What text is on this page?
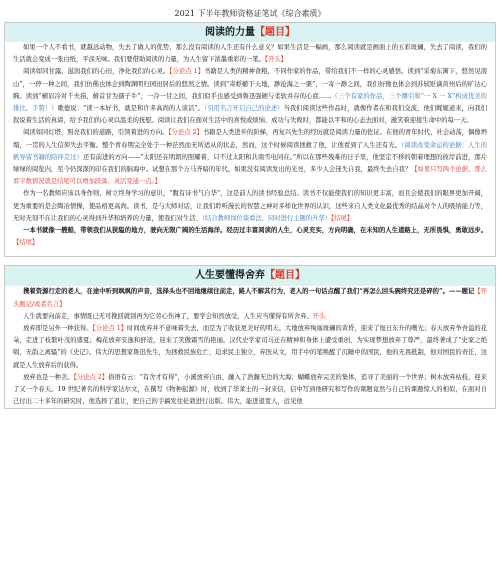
2021 下半年教师资格证笔试《综合素质》
阅读的力量【题目】

如果一个人不看书，就越远动物，失去了做人的优势，那么没有阅读的人生还有什么意义？如果生活是一幅画，那么阅读就是画面上的五彩斑斓，失去了阅读，我们的生活就会变成一张白纸，平淡无味。我们要借助阅读的力量，为人生留下浓墨重彩的一笔。【开头】

阅读如同甘露，滋润我们的心田，净化我们的心灵。【分论点 1】书籍是人类的精神食粮，不同作家的作品，带给我们不一样的心灵感悟。读到“采菊东篱下，悠然见南山”，一停一种之间，我们仿佛也体会到陶渊明归园田居后的悠然之情。读到“寄蜉蝣于天地，渺沧海之一粟”，一寄一渺之间，我们好像也体会到苏轼贬谪黄州后的旷达心胸。读到“横眉冷对千夫指，俯首甘为孺子牛”，一冷一甘之间，我们似乎也感受到鲁迅强硬与柔软并存的心底……（三个有家的作品，三个播引和“一 X 一 X”构成优美的排比，手赞！）歌德说：“读一本好书，就是和许多高尚的人谈话”。（引用名言开启自己的论述）当我们阅读这些作品时，就像作者在和我们交流，他们娓娓道来，向我们叙说着生活的真谛，给予我们的心灵以温柔的抚慰。阅读让我们在面对生活中的喜悦或烦恼、成功与失败时，都能以平和的心态去面对，澈笑着迎接生命中的每一天。

阅读如同灯塔，照亮我们的道路，引领着进的方向。【分论点 2】书籍是人类进步的阶梯，再复兴先生的经历就是阅读力量的佐证。在他的青年时代，社会动荡，偶像坍塌，一贯的人生信仰失去平衡。整个青春期完全处于一种茫然而无所适从的状态，然而，这个时候阅读拯救了他，让他看到了人生还有光。（阅读改变命运的论据：人生的帆导留书籍的陪伴走过）还有前进的方向——“太阳还在明朗的照耀着，只不过太阳和共南雪电同在。”所以在那些残难的日子里，他坚定不移的朝着理想的彼岸前进，那片绿绿的阅览内，至今仍深深的印在我们的脑海中。试想在那个万马齐暗的年代，如果没有阅读发出的光亮，多少人会迷失自我，最终失去自我？【如果只写两个论据，那么看字数情况就是结尾可以增加段落，灵活变通一点。】

作为一名教师应该以身作则，树立终身学习的意识，“腹有诗书气自华”，这是前人的读书经验总结。读书不仅能使我们的知识更丰富，而且会使我们的眼界更加开阔，更为重要的是会陶冶情操，使品格更高尚。读书，是与大师对话，让我们聆听漫长的智慧之神对多样化世界的认识，这些来自人类文化最优秀的结晶对个人的吸纳能力等，无时无刻不在让我们的心灵得到升华和培养的力量，使我们对生活、（结合教师岗位谈看法，同时进行主题的升华）【结尾】

一本书就像一艘船，带领我们从狭隘的地方，驶向无限广阔的生活海洋。经历过丰富阅读的人生，心灵充实，方向明确，在未知的人生道路上，无所畏惧，勇敢远步。【结尾】

人生要懂得舍弃【题目】

携着资源行走的老人，在途中听到飒飒的声音，选择头也不回地继续往前走，路人不解其行为，老人的一句话点醒了我们“再怎么回头碗终究还是碎的”。——题记【开头题记/或者名言】

人生就要向前走，事情既已无可挽回就别再为它劳心伤神了，要学会知然放受，人生应当懂得有所舍弃。开头

放弃即是另外一种获得。【分论点 1】时间放弃并不意味着失去，而是为了收获更美好的明天。大地放弃绚丽斑斓的黄昏，迎来了旭日东升的曙光；春天放弃争吾溢的花朵，走进了枝繁叶茂的盛夏；梅花放弃安逸和舒适，迎来了笑傲霜雪的艳丽。汉代史学家司马迁在精神和身体上遭受重创，为实现梦想放弃了尊严，最终著成了“史家之绝唱，无韵之离骚”的《史记》。伟大的思想家鲁迅先生，为拯救民族危亡，迫求民主独立，弃医从文，用手中的笔唤醒了沉睡中的国民，他的无畏抵制，他对国民的责任，这就是人生放弃后的获得。

放弃也是一种美。【分论点 2】俗语有云：“有舍才有得”，小溪放弃自由，融入了浩瀚无边的大海；蝴蝶放弃完美的集体，追寻了美丽的一个世界；树木放弃枯枝，迎来了又一个春天。19 世纪著名的科学家达尔文，在撰写《物种起源》时，收到了华莱士的一封来信，信中写到他研究和写作的课题竟然与自己的课题惊人的相似，在面对自己付出二十多年的研究时，他选择了退让，把自己的手稿发往伦敦进行出版。伟大，能进退宽人，远见他
